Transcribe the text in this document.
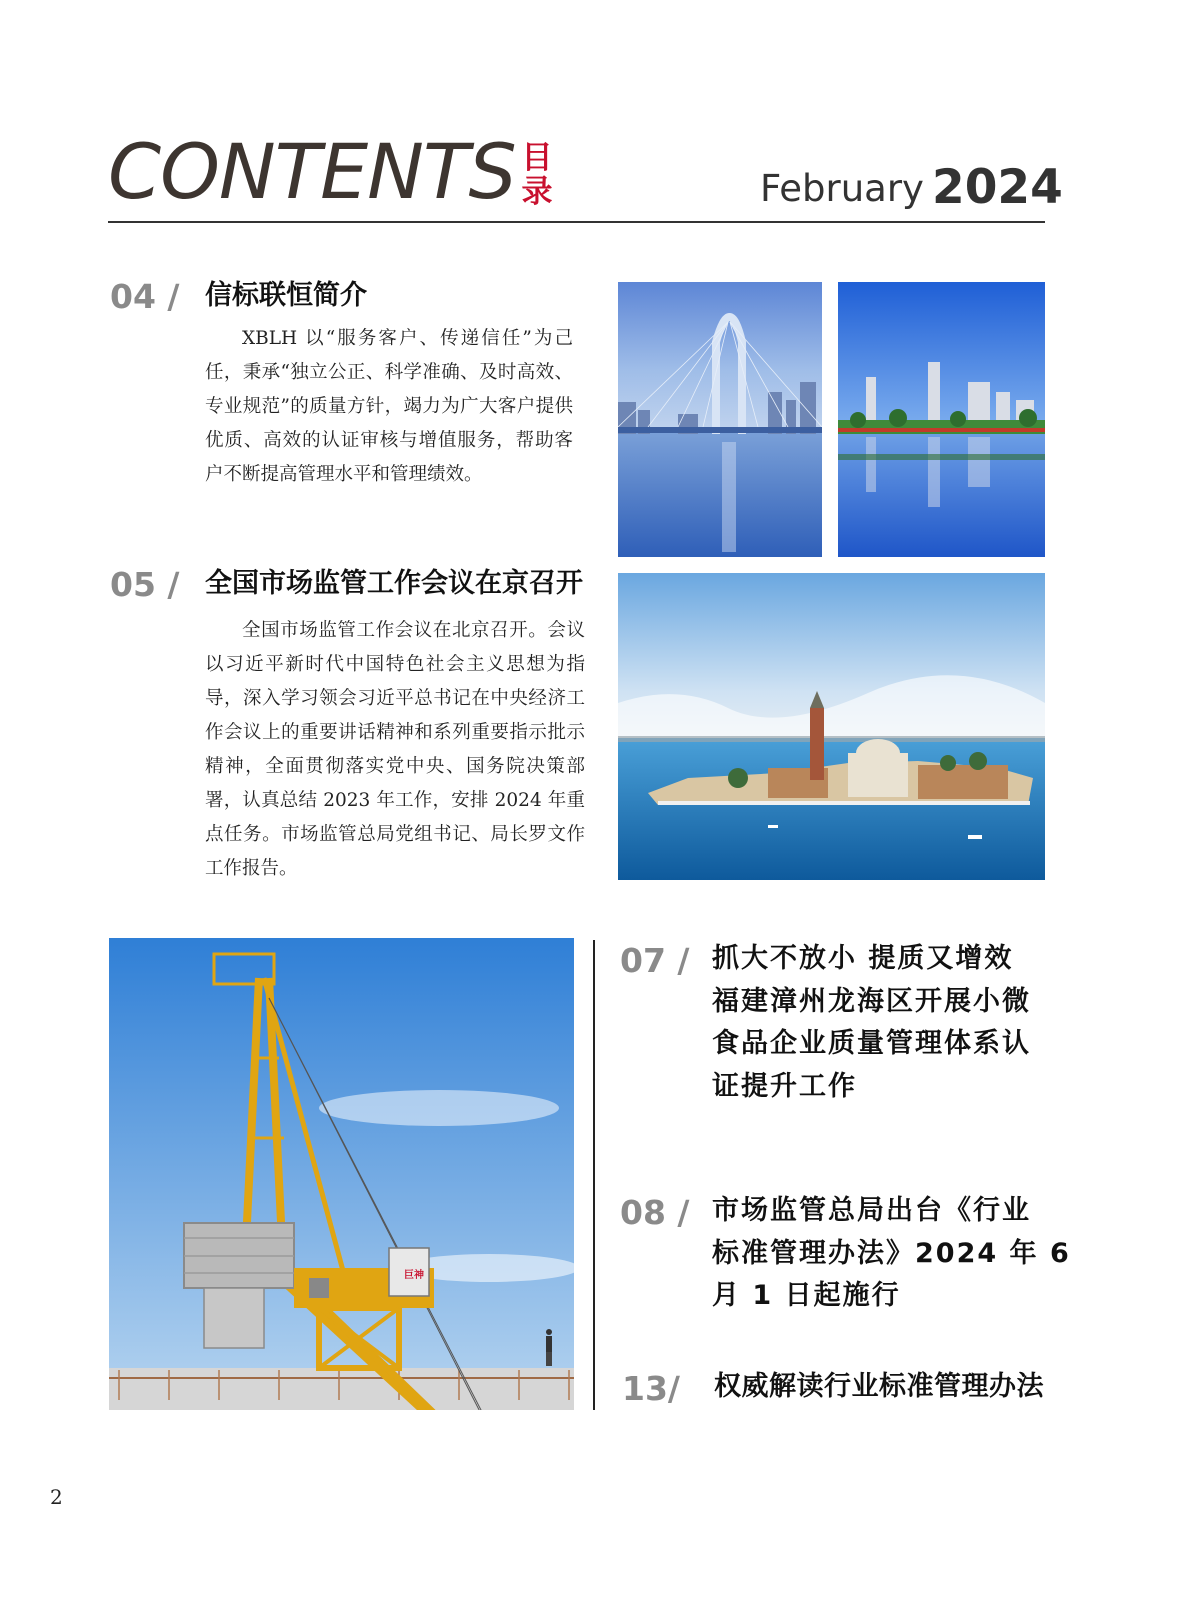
CONTENTS 目
录	February 2024
04 / 信标联恒简介

XBLH 以“服务客户、传递信任”为己任，秉承“独立公正、科学准确、及时高效、专业规范”的质量方针，竭力为广大客户提供优质、高效的认证审核与增值服务，帮助客户不断提高管理水平和管理绩效。

05 / 全国市场监管工作会议在京召开

全国市场监管工作会议在北京召开。会议以习近平新时代中国特色社会主义思想为指导，深入学习领会习近平总书记在中央经济工作会议上的重要讲话精神和系列重要指示批示精神，全面贯彻落实党中央、国务院决策部署，认真总结 2023 年工作，安排 2024 年重点任务。市场监管总局党组书记、局长罗文作工作报告。

巨神
07 / 抓大不放小 提质又增效
福建漳州龙海区开展小微
食品企业质量管理体系认
证提升工作
08 / 市场监管总局出台《行业
标准管理办法》2024 年 6
月 1 日起施行
13/ 权威解读行业标准管理办法
2
